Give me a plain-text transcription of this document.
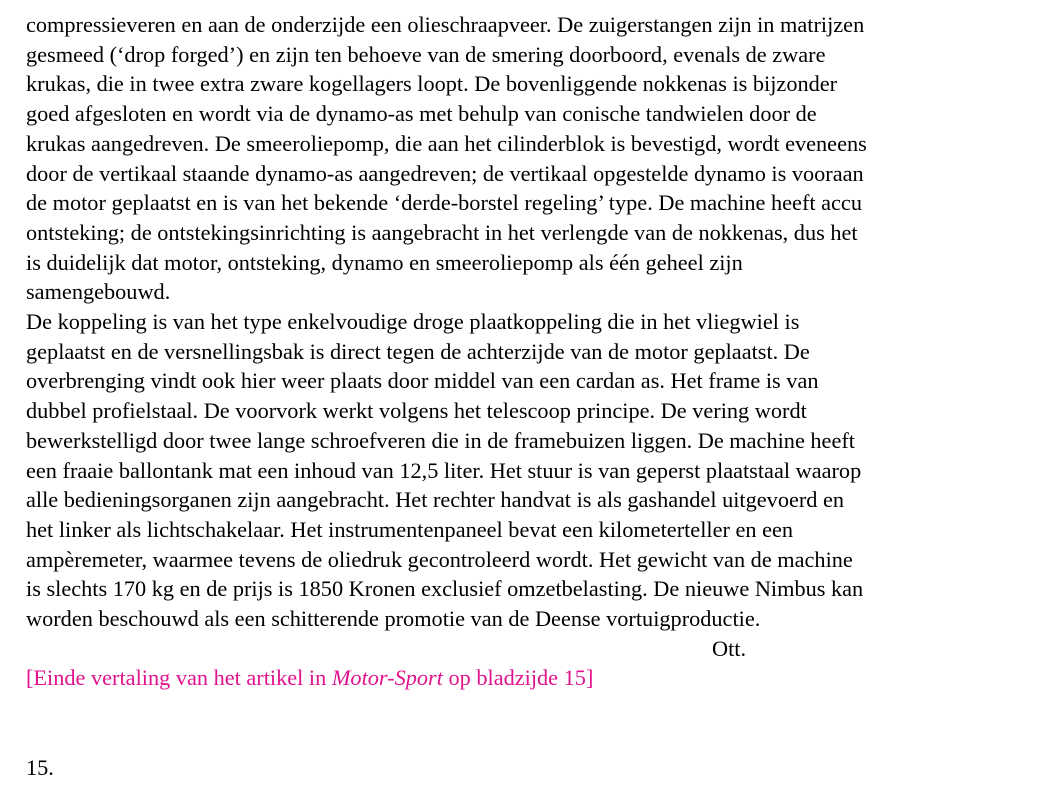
compressieveren en aan de onderzijde een olieschraapveer. De zuigerstangen zijn in matrijzen
gesmeed (‘drop forged’) en zijn ten behoeve van de smering doorboord, evenals de zware
krukas, die in twee extra zware kogellagers loopt. De bovenliggende nokkenas is bijzonder
goed afgesloten en wordt via de dynamo-as met behulp van conische tandwielen door de
krukas aangedreven. De smeeroliepomp, die aan het cilinderblok is bevestigd, wordt eveneens
door de vertikaal staande dynamo-as aangedreven; de vertikaal opgestelde dynamo is vooraan
de motor geplaatst en is van het bekende ‘derde-borstel regeling’ type. De machine heeft accu
ontsteking; de ontstekingsinrichting is aangebracht in het verlengde van de nokkenas, dus het
is duidelijk dat motor, ontsteking, dynamo en smeeroliepomp als één geheel zijn
samengebouwd.
De koppeling is van het type enkelvoudige droge plaatkoppeling die in het vliegwiel is
geplaatst en de versnellingsbak is direct tegen de achterzijde van de motor geplaatst. De
overbrenging vindt ook hier weer plaats door middel van een cardan as. Het frame is van
dubbel profielstaal. De voorvork werkt volgens het telescoop principe. De vering wordt
bewerkstelligd door twee lange schroefveren die in de framebuizen liggen. De machine heeft
een fraaie ballontank mat een inhoud van 12,5 liter. Het stuur is van geperst plaatstaal waarop
alle bedieningsorganen zijn aangebracht. Het rechter handvat is als gashandel uitgevoerd en
het linker als lichtschakelaar. Het instrumentenpaneel bevat een kilometerteller en een
ampèremeter, waarmee tevens de oliedruk gecontroleerd wordt. Het gewicht van de machine
is slechts 170 kg en de prijs is 1850 Kronen exclusief omzetbelasting. De nieuwe Nimbus kan
worden beschouwd als een schitterende promotie van de Deense vortuigproductie.
Ott.
[Einde vertaling van het artikel in Motor-Sport op bladzijde 15]
15.
